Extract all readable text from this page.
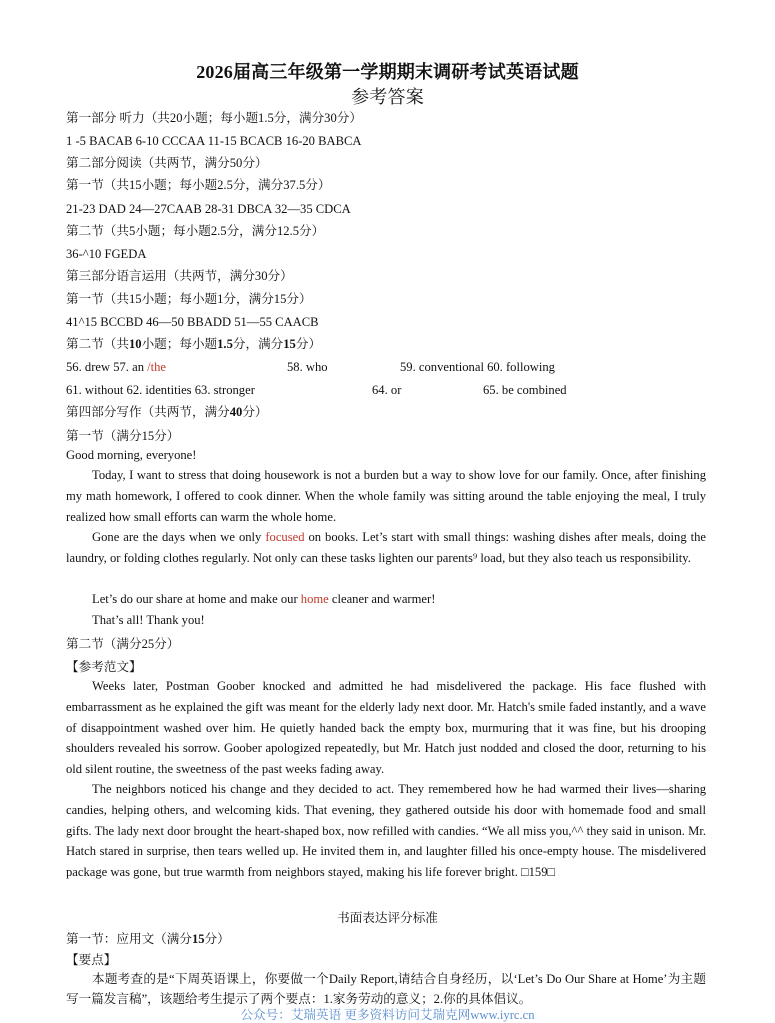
2026届高三年级第一学期期末调研考试英语试题
参考答案
第一部分 听力（共20小题；每小题1.5分，满分30分）
1 -5 BACAB 6-10 CCCAA 11-15 BCACB 16-20 BABCA
第二部分阅读（共两节，满分50分）
第一节（共15小题；每小题2.5分，满分37.5分）
21-23 DAD 24—27CAAB 28-31 DBCA 32—35 CDCA
第二节（共5小题；每小题2.5分，满分12.5分）
36-^10 FGEDA
第三部分语言运用（共两节，满分30分）
第一节（共15小题；每小题1分，满分15分）
41^15 BCCBD 46—50 BBADD 51—55 CAACB
第二节（共10小题；每小题1.5分，满分15分）
56. drew 57. an /the	58. who	59. conventional 60. following
61. without 62. identities 63. stronger	64. or	65. be combined
第四部分写作（共两节，满分40分）
第一节（满分15分）
Good morning, everyone!

Today, I want to stress that doing housework is not a burden but a way to show love for our family. Once, after finishing my math homework, I offered to cook dinner. When the whole family was sitting around the table enjoying the meal, I truly realized how small efforts can warm the whole home.

Gone are the days when we only focused on books. Let’s start with small things: washing dishes after meals, doing the laundry, or folding clothes regularly. Not only can these tasks lighten our parents⁹ load, but they also teach us responsibility.

Let’s do our share at home and make our home cleaner and warmer!

That’s all! Thank you!

第二节（满分25分）
【参考范文】

Weeks later, Postman Goober knocked and admitted he had misdelivered the package. His face flushed with embarrassment as he explained the gift was meant for the elderly lady next door. Mr. Hatch's smile faded instantly, and a wave of disappointment washed over him. He quietly handed back the empty box, murmuring that it was fine, but his drooping shoulders revealed his sorrow. Goober apologized repeatedly, but Mr. Hatch just nodded and closed the door, returning to his old silent routine, the sweetness of the past weeks fading away.

The neighbors noticed his change and they decided to act. They remembered how he had warmed their lives—sharing candies, helping others, and welcoming kids. That evening, they gathered outside his door with homemade food and small gifts. The lady next door brought the heart-shaped box, now refilled with candies. “We all miss you,^^ they said in unison. Mr. Hatch stared in surprise, then tears welled up. He invited them in, and laughter filled his once-empty house. The misdelivered package was gone, but true warmth from neighbors stayed, making his life forever bright. □159□

书面表达评分标准
第一节：应用文（满分15分）
【要点】

本题考查的是“下周英语课上，你要做一个Daily Report,请结合自身经历，以‘Let’s Do Our Share at Home’为主题写一篇发言稿”，该题给考生提示了两个要点：1.家务劳动的意义；2.你的具体倡议。

公众号：艾瑞英语 更多资料访问艾瑞克网www.iyrc.cn
